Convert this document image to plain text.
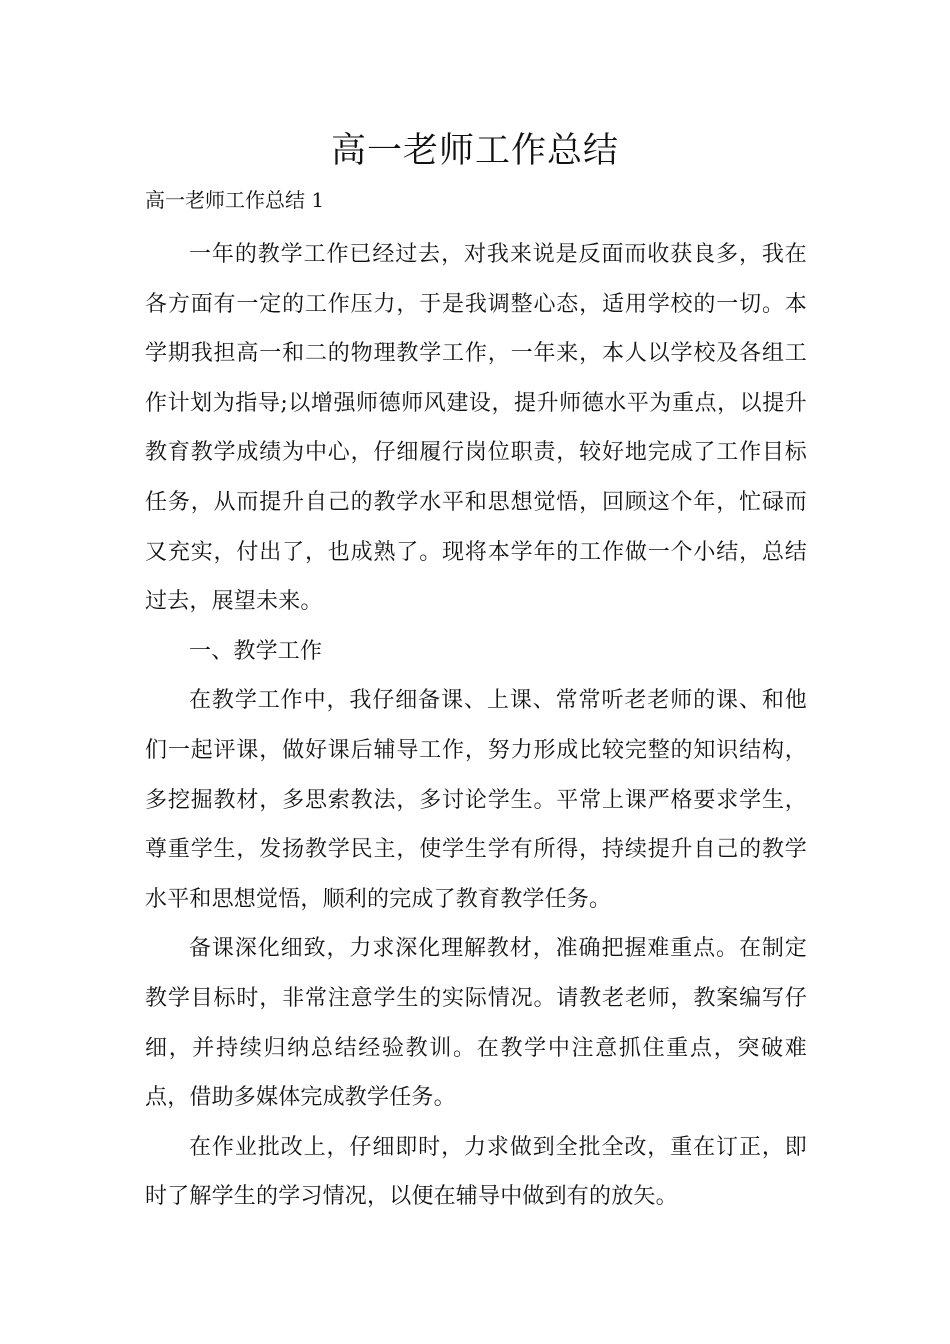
高一老师工作总结
高一老师工作总结 1

一年的教学工作已经过去，对我来说是反面而收获良多，我在各方面有一定的工作压力，于是我调整心态，适用学校的一切。本学期我担高一和二的物理教学工作，一年来，本人以学校及各组工作计划为指导;以增强师德师风建设，提升师德水平为重点，以提升教育教学成绩为中心，仔细履行岗位职责，较好地完成了工作目标任务，从而提升自己的教学水平和思想觉悟，回顾这个年，忙碌而又充实，付出了，也成熟了。现将本学年的工作做一个小结，总结过去，展望未来。

一、教学工作

在教学工作中，我仔细备课、上课、常常听老老师的课、和他们一起评课，做好课后辅导工作，努力形成比较完整的知识结构，多挖掘教材，多思索教法，多讨论学生。平常上课严格要求学生，尊重学生，发扬教学民主，使学生学有所得，持续提升自己的教学水平和思想觉悟，顺利的完成了教育教学任务。

备课深化细致，力求深化理解教材，准确把握难重点。在制定教学目标时，非常注意学生的实际情况。请教老老师，教案编写仔细，并持续归纳总结经验教训。在教学中注意抓住重点，突破难点，借助多媒体完成教学任务。

在作业批改上，仔细即时，力求做到全批全改，重在订正，即时了解学生的学习情况，以便在辅导中做到有的放矢。
